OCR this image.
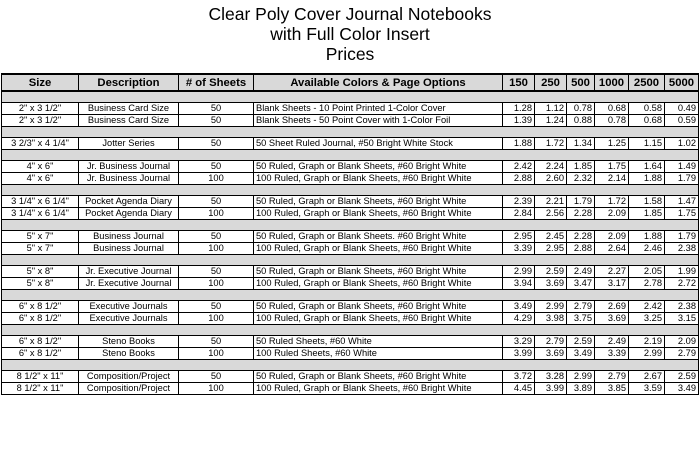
Clear Poly Cover Journal Notebooks
with Full Color Insert
Prices
Size	Description	# of Sheets	Available Colors & Page Options	150	250	500	1000	2500	5000

2" x 3 1/2"	Business Card Size	50	Blank Sheets - 10 Point Printed 1-Color Cover	1.28	1.12	0.78	0.68	0.58	0.49
2" x 3 1/2"	Business Card Size	50	Blank Sheets - 50 Point Cover with 1-Color Foil	1.39	1.24	0.88	0.78	0.68	0.59

3 2/3" x 4 1/4"	Jotter Series	50	50 Sheet Ruled Journal, #50 Bright White Stock	1.88	1.72	1.34	1.25	1.15	1.02

4" x 6"	Jr. Business Journal	50	50 Ruled, Graph or Blank Sheets, #60 Bright White	2.42	2.24	1.85	1.75	1.64	1.49
4" x 6"	Jr. Business Journal	100	100 Ruled, Graph or Blank Sheets, #60 Bright White	2.88	2.60	2.32	2.14	1.88	1.79

3 1/4" x 6 1/4"	Pocket Agenda Diary	50	50 Ruled, Graph or Blank Sheets, #60 Bright White	2.39	2.21	1.79	1.72	1.58	1.47
3 1/4" x 6 1/4"	Pocket Agenda Diary	100	100 Ruled, Graph or Blank Sheets, #60 Bright White	2.84	2.56	2.28	2.09	1.85	1.75

5" x 7"	Business Journal	50	50 Ruled, Graph or Blank Sheets. #60 Bright White	2.95	2.45	2.28	2.09	1.88	1.79
5" x 7"	Business Journal	100	100 Ruled, Graph or Blank Sheets, #60 Bright White	3.39	2.95	2.88	2.64	2.46	2.38

5" x 8"	Jr. Executive Journal	50	50 Ruled, Graph or Blank Sheets, #60 Bright White	2.99	2.59	2.49	2.27	2.05	1.99
5" x 8"	Jr. Executive Journal	100	100 Ruled, Graph or Blank Sheets, #60 Bright White	3.94	3.69	3.47	3.17	2.78	2.72

6" x 8 1/2"	Executive Journals	50	50 Ruled, Graph or Blank Sheets, #60 Bright White	3.49	2.99	2.79	2.69	2.42	2.38
6" x 8 1/2"	Executive Journals	100	100 Ruled, Graph or Blank Sheets, #60 Bright White	4.29	3.98	3.75	3.69	3.25	3.15

6" x 8 1/2"	Steno Books	50	50 Ruled Sheets, #60 White	3.29	2.79	2.59	2.49	2.19	2.09
6" x 8 1/2"	Steno Books	100	100 Ruled Sheets, #60 White	3.99	3.69	3.49	3.39	2.99	2.79

8 1/2" x 11"	Composition/Project	50	50 Ruled, Graph or Blank Sheets, #60 Bright White	3.72	3.28	2.99	2.79	2.67	2.59
8 1/2" x 11"	Composition/Project	100	100 Ruled, Graph or Blank Sheets, #60 Bright White	4.45	3.99	3.89	3.85	3.59	3.49
